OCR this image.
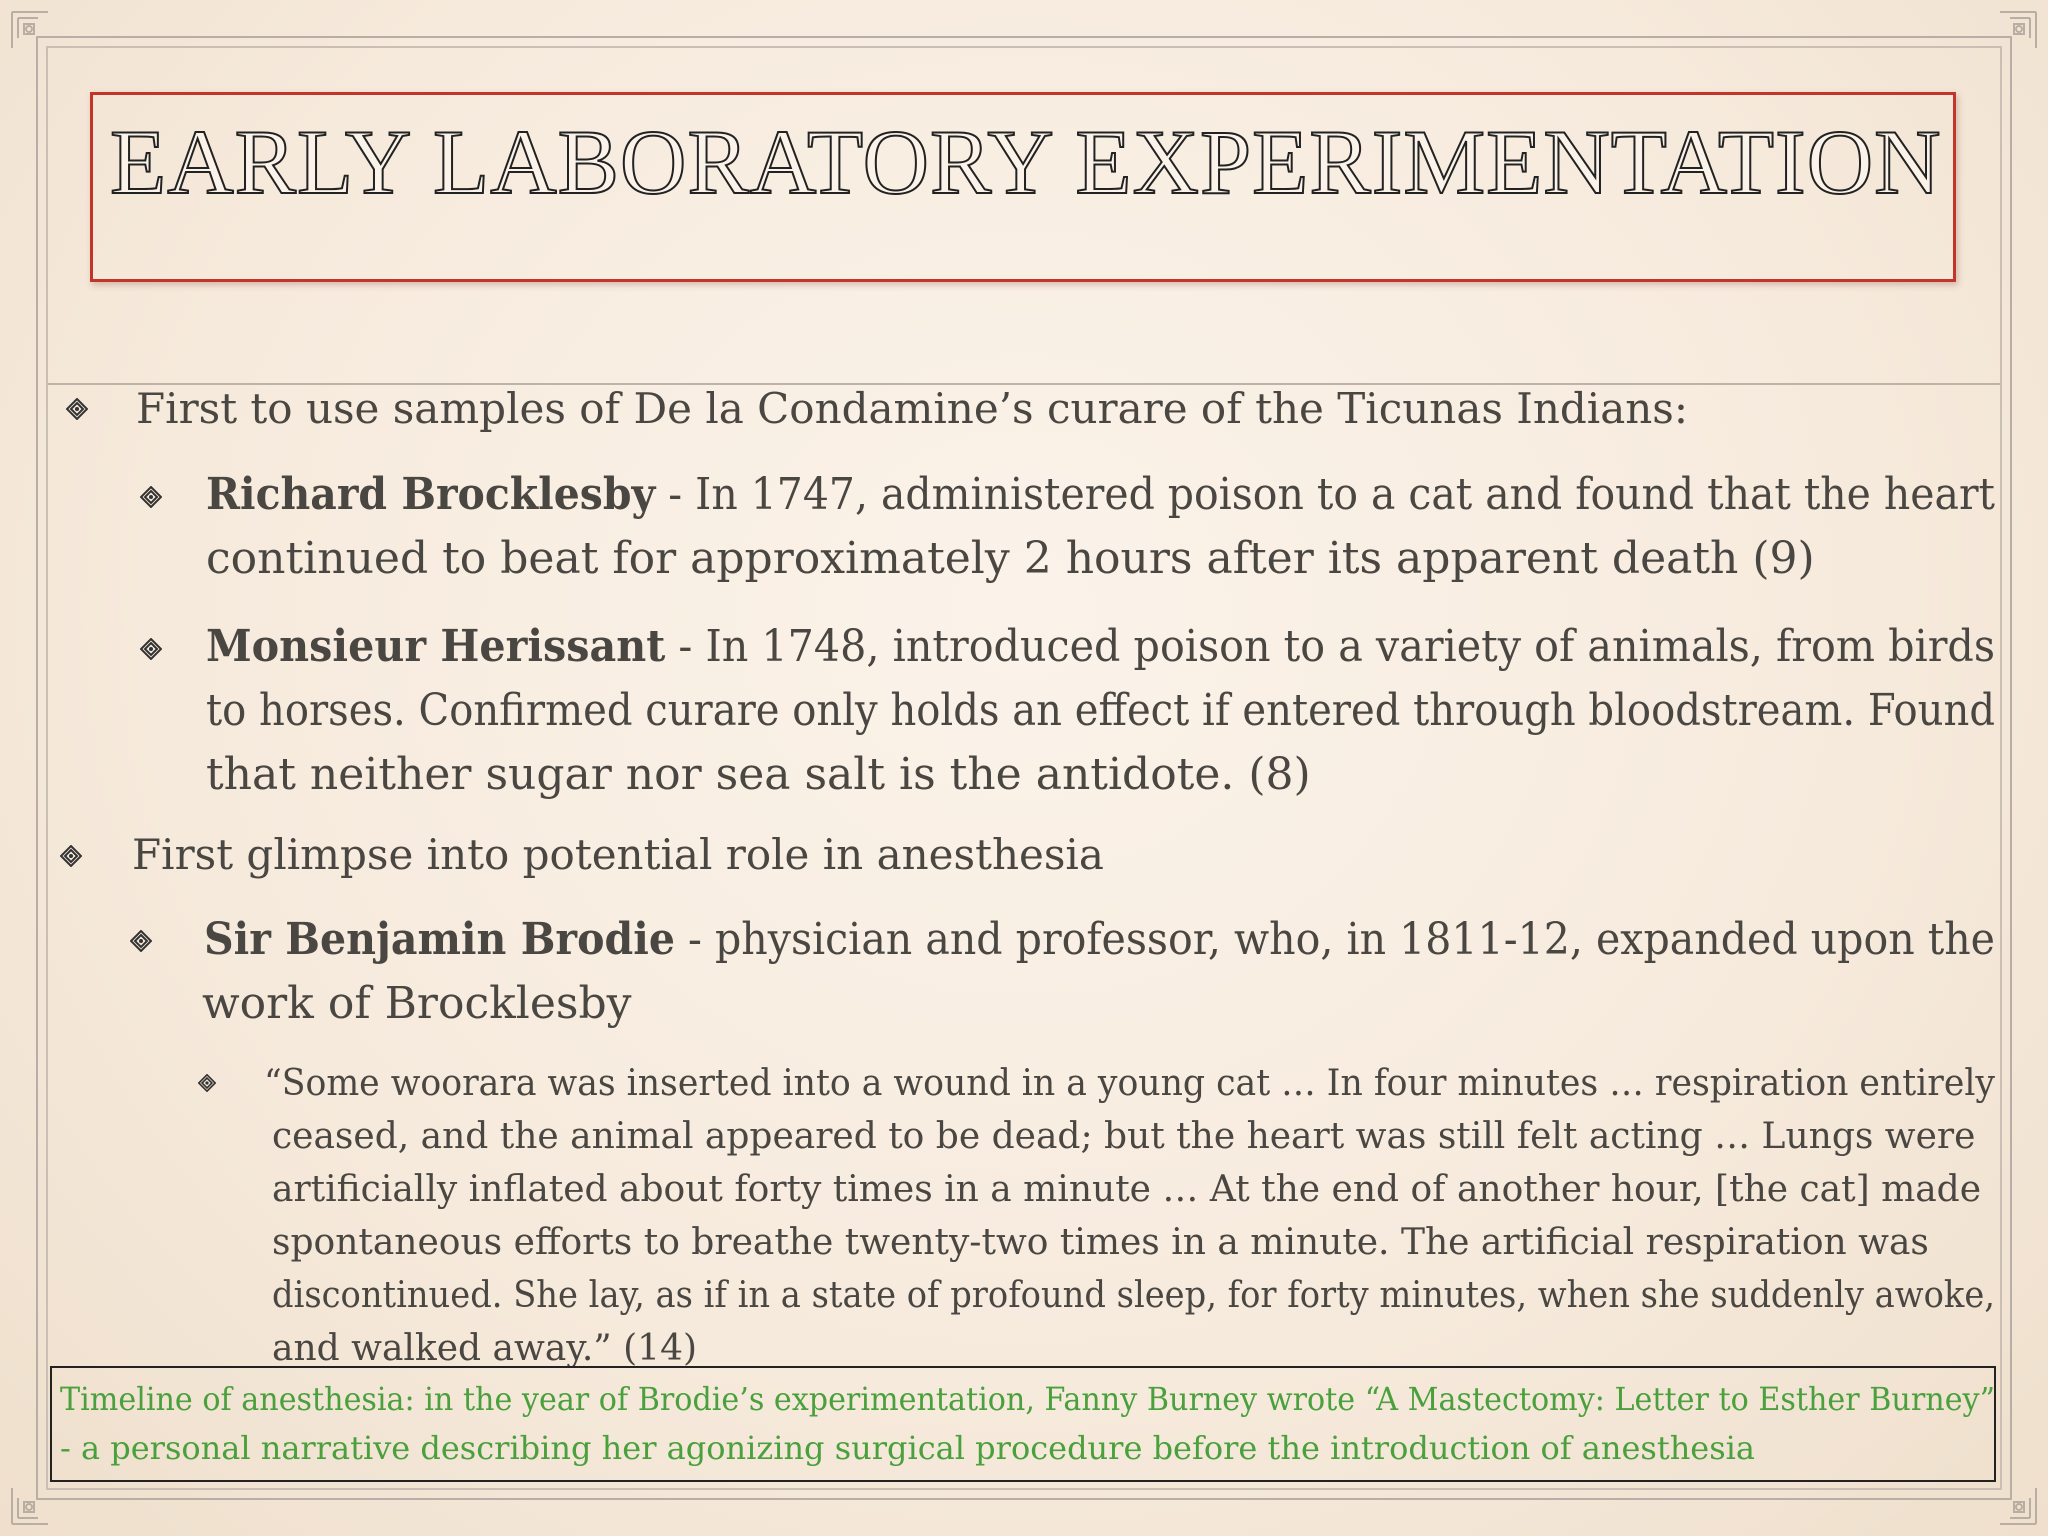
EARLY LABORATORY EXPERIMENTATION
First to use samples of De la Condamine’s curare of the Ticunas Indians:
Richard Brocklesby - In 1747, administered poison to a cat and found that the heart
continued to beat for approximately 2 hours after its apparent death (9)
Monsieur Herissant - In 1748, introduced poison to a variety of animals, from birds
to horses. Confirmed curare only holds an effect if entered through bloodstream. Found
that neither sugar nor sea salt is the antidote. (8)
First glimpse into potential role in anesthesia
Sir Benjamin Brodie - physician and professor, who, in 1811-12, expanded upon the
work of Brocklesby
“Some woorara was inserted into a wound in a young cat … In four minutes … respiration entirely
ceased, and the animal appeared to be dead; but the heart was still felt acting … Lungs were
artificially inflated about forty times in a minute … At the end of another hour, [the cat] made
spontaneous efforts to breathe twenty-two times in a minute. The artificial respiration was
discontinued. She lay, as if in a state of profound sleep, for forty minutes, when she suddenly awoke,
and walked away.” (14)
Timeline of anesthesia: in the year of Brodie’s experimentation, Fanny Burney wrote “A Mastectomy: Letter to Esther Burney”
- a personal narrative describing her agonizing surgical procedure before the introduction of anesthesia
